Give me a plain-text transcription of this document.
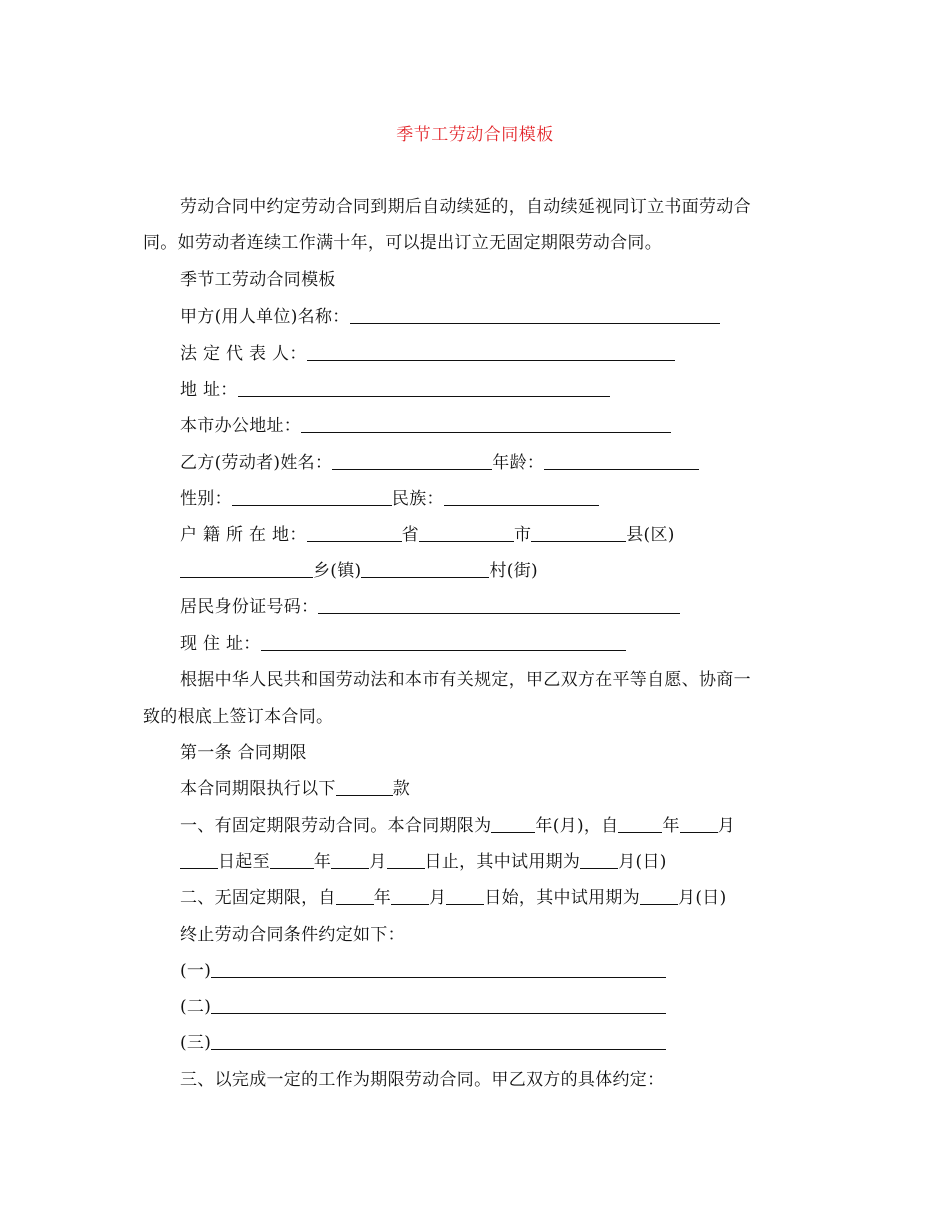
季节工劳动合同模板
劳动合同中约定劳动合同到期后自动续延的，自动续延视同订立书面劳动合
同。如劳动者连续工作满十年，可以提出订立无固定期限劳动合同。
季节工劳动合同模板
甲方(用人单位)名称：
法 定 代 表 人：
地 址：
本市办公地址：
乙方(劳动者)姓名：	年龄：
性别：	民族：
户 籍 所 在 地：	省	市	县(区)
乡(镇)	村(街)
居民身份证号码：
现 住 址：
根据中华人民共和国劳动法和本市有关规定，甲乙双方在平等自愿、协商一
致的根底上签订本合同。
第一条 合同期限
本合同期限执行以下	款
一、有固定期限劳动合同。本合同期限为	年(月)，自	年 月
日起至	年 月 日止，其中试用期为 月(日)
二、无固定期限，自 年 月 日始，其中试用期为 月(日)
终止劳动合同条件约定如下：
(一)
(二)
(三)
三、以完成一定的工作为期限劳动合同。甲乙双方的具体约定：
